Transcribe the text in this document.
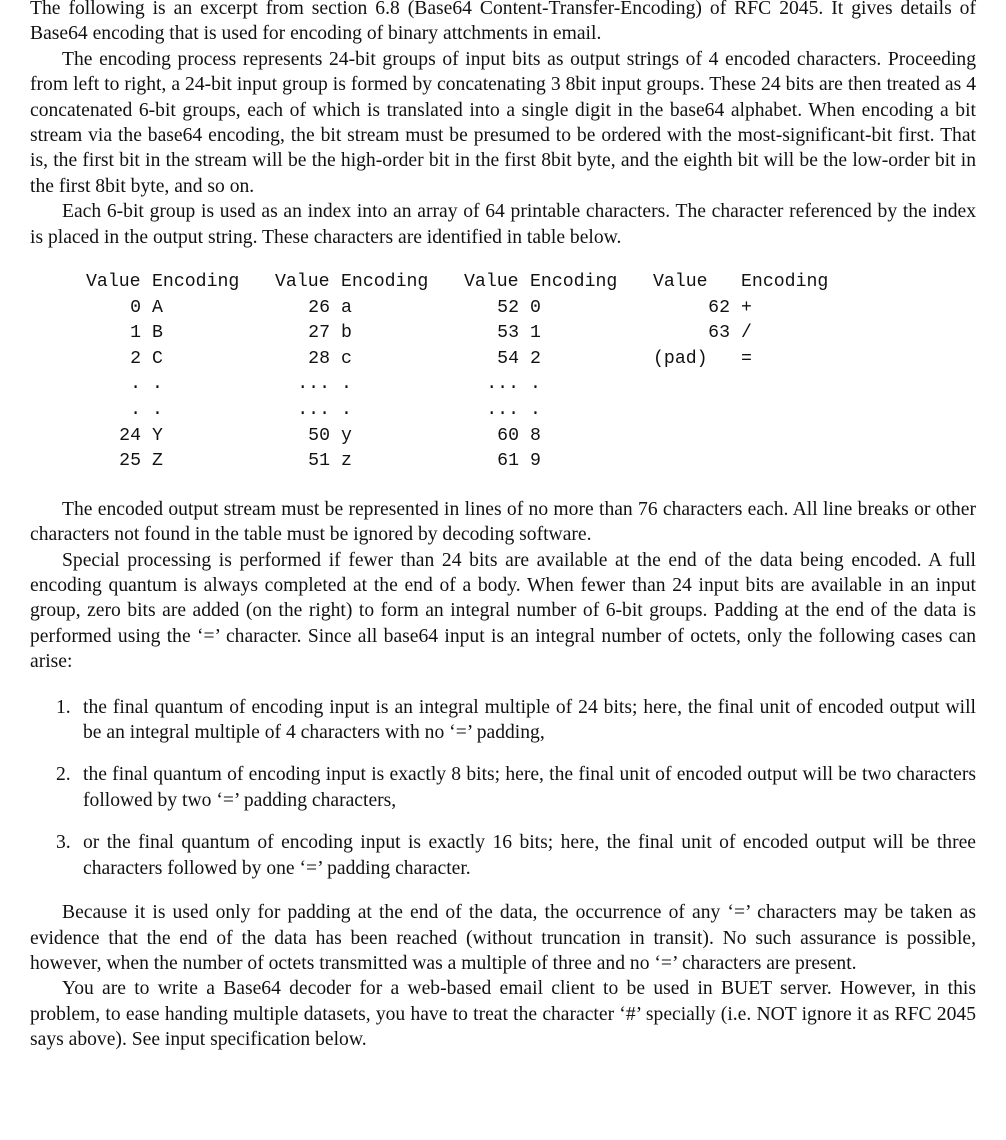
The following is an excerpt from section 6.8 (Base64 Content-Transfer-Encoding) of RFC 2045. It gives details of Base64 encoding that is used for encoding of binary attchments in email.

The encoding process represents 24-bit groups of input bits as output strings of 4 encoded characters. Proceeding from left to right, a 24-bit input group is formed by concatenating 3 8bit input groups. These 24 bits are then treated as 4 concatenated 6-bit groups, each of which is translated into a single digit in the base64 alphabet. When encoding a bit stream via the base64 encoding, the bit stream must be presumed to be ordered with the most-significant-bit first. That is, the first bit in the stream will be the high-order bit in the first 8bit byte, and the eighth bit will be the low-order bit in the first 8bit byte, and so on.

Each 6-bit group is used as an index into an array of 64 printable characters. The character referenced by the index is placed in the output string. These characters are identified in table below.

Value Encoding
0 A
1 B
2 C
. .
. .
24 Y
25 Z
Value Encoding
26 a
27 b
28 c
... .
... .
50 y
51 z
Value Encoding
52 0
53 1
54 2
... .
... .
60 8
61 9
Value	Encoding
62 +
63 /
(pad)	=

The encoded output stream must be represented in lines of no more than 76 characters each. All line breaks or other characters not found in the table must be ignored by decoding software.

Special processing is performed if fewer than 24 bits are available at the end of the data being encoded. A full encoding quantum is always completed at the end of a body. When fewer than 24 input bits are available in an input group, zero bits are added (on the right) to form an integral number of 6-bit groups. Padding at the end of the data is performed using the ‘=’ character. Since all base64 input is an integral number of octets, only the following cases can arise:

1. the final quantum of encoding input is an integral multiple of 24 bits; here, the final unit of encoded output will be an integral multiple of 4 characters with no ‘=’ padding,
2. the final quantum of encoding input is exactly 8 bits; here, the final unit of encoded output will be two characters followed by two ‘=’ padding characters,
3. or the final quantum of encoding input is exactly 16 bits; here, the final unit of encoded output will be three characters followed by one ‘=’ padding character.

Because it is used only for padding at the end of the data, the occurrence of any ‘=’ characters may be taken as evidence that the end of the data has been reached (without truncation in transit). No such assurance is possible, however, when the number of octets transmitted was a multiple of three and no ‘=’ characters are present.

You are to write a Base64 decoder for a web-based email client to be used in BUET server. However, in this problem, to ease handing multiple datasets, you have to treat the character ‘#’ specially (i.e. NOT ignore it as RFC 2045 says above). See input specification below.
